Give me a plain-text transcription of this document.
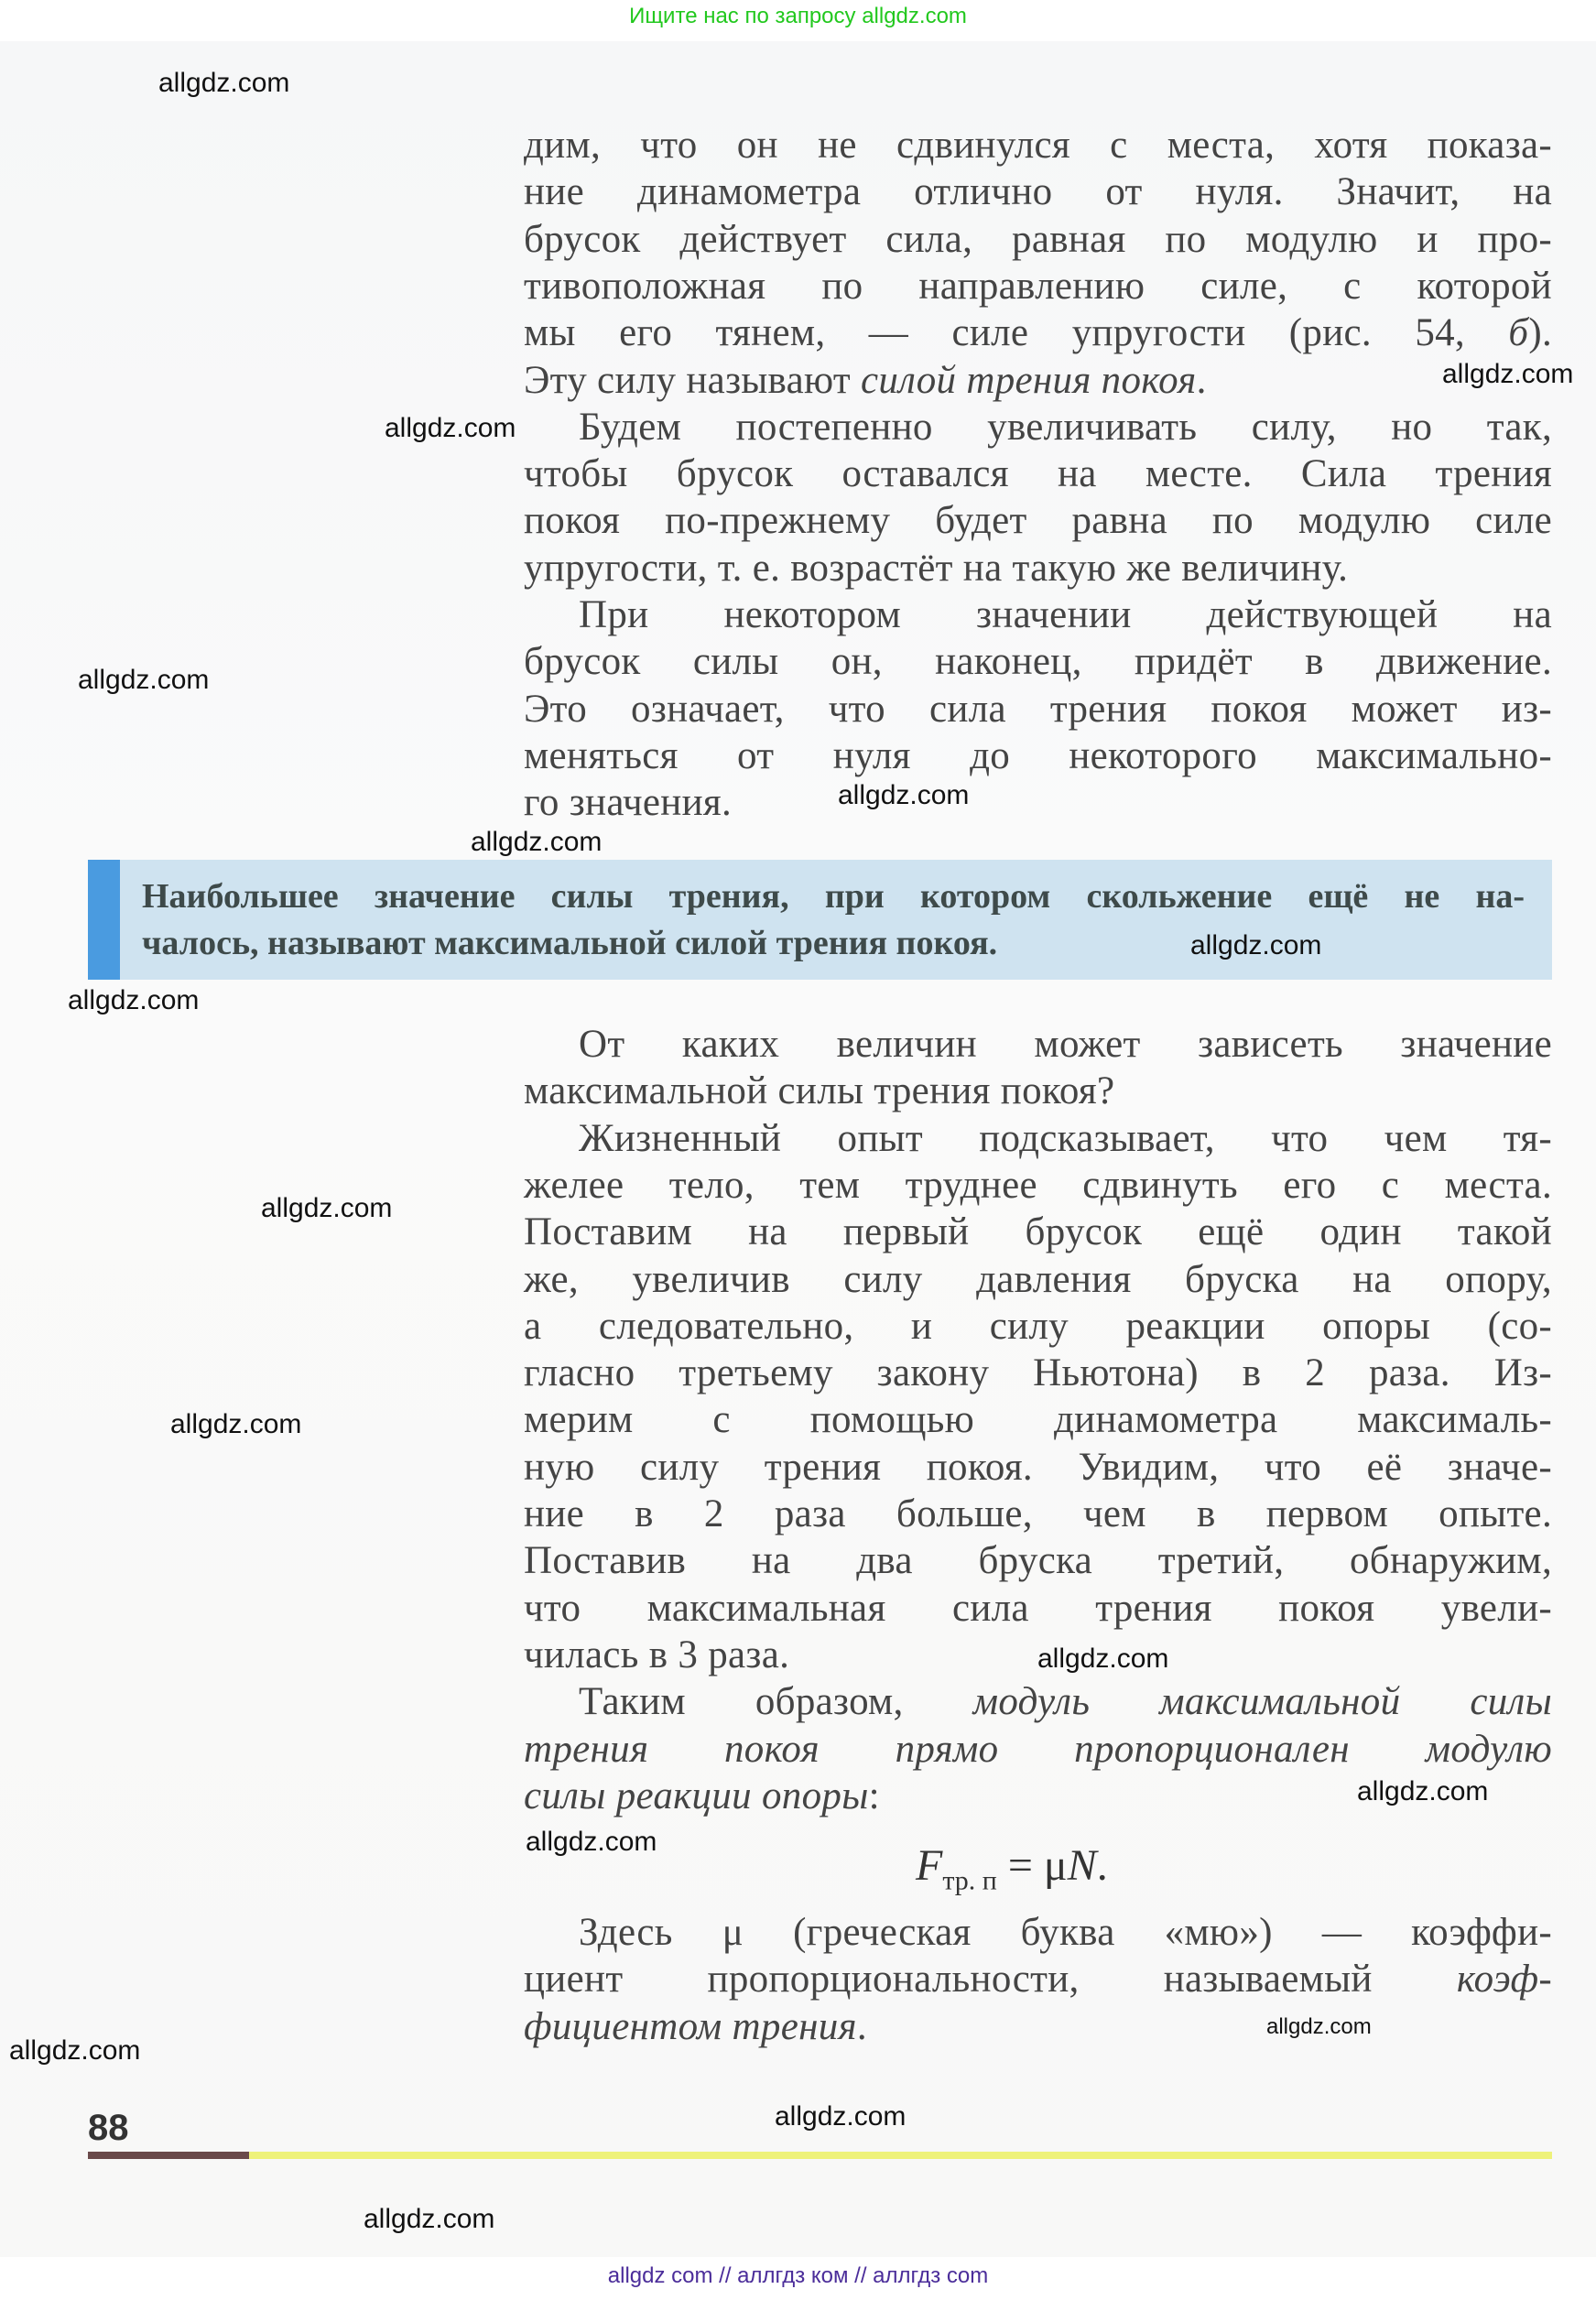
Ищите нас по запросу allgdz.com
дим, что он не сдвинулся с места, хотя показа-
ние динамометра отлично от нуля. Значит, на
брусок действует сила, равная по модулю и про-
тивоположная по направлению силе, с которой
мы его тянем, — силе упругости (рис. 54, б).
Эту силу называют силой трения покоя.
Будем постепенно увеличивать силу, но так,
чтобы брусок оставался на месте. Сила трения
покоя по-прежнему будет равна по модулю силе
упругости, т. е. возрастёт на такую же величину.
При некотором значении действующей на
брусок силы он, наконец, придёт в движение.
Это означает, что сила трения покоя может из-
меняться от нуля до некоторого максимально-
го значения.
Наибольшее значение силы трения, при котором скольжение ещё не на-
чалось, называют максимальной силой трения покоя.
От каких величин может зависеть значение
максимальной силы трения покоя?
Жизненный опыт подсказывает, что чем тя-
желее тело, тем труднее сдвинуть его с места.
Поставим на первый брусок ещё один такой
же, увеличив силу давления бруска на опору,
а следовательно, и силу реакции опоры (со-
гласно третьему закону Ньютона) в 2 раза. Из-
мерим с помощью динамометра максималь-
ную силу трения покоя. Увидим, что её значе-
ние в 2 раза больше, чем в первом опыте.
Поставив на два бруска третий, обнаружим,
что максимальная сила трения покоя увели-
чилась в 3 раза.
Таким образом, модуль максимальной силы
трения покоя прямо пропорционален модулю
силы реакции опоры:
$F_{тр. п} = \mu N$.
Здесь μ (греческая буква «мю») — коэффи-
циент пропорциональности, называемый коэф-
фициентом трения.
88
allgdz.com
allgdz.com
allgdz.com
allgdz.com
allgdz.com
allgdz.com
allgdz.com
allgdz.com
allgdz.com
allgdz.com
allgdz.com
allgdz.com
allgdz.com
allgdz.com
allgdz.com
allgdz.com
allgdz.com
allgdz com // аллгдз ком // аллгдз com
